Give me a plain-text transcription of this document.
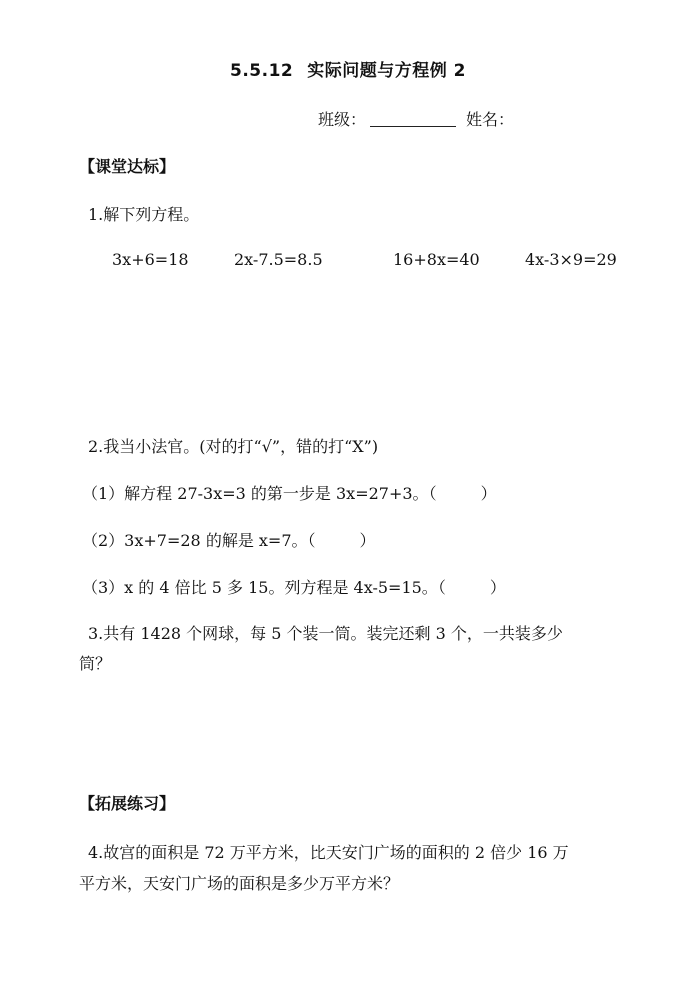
5.5.12 实际问题与方程例 2
班级：	姓名：
【课堂达标】
1.解下列方程。
3x+6=18	2x-7.5=8.5	16+8x=40	4x-3×9=29
2.我当小法官。(对的打“√”，错的打“X”)
（1）解方程 27-3x=3 的第一步是 3x=27+3。（	）
（2）3x+7=28 的解是 x=7。（	）
（3）x 的 4 倍比 5 多 15。列方程是 4x-5=15。（	）
3.共有 1428 个网球，每 5 个装一筒。装完还剩 3 个，一共装多少
筒？
【拓展练习】
4.故宫的面积是 72 万平方米，比天安门广场的面积的 2 倍少 16 万
平方米，天安门广场的面积是多少万平方米？
